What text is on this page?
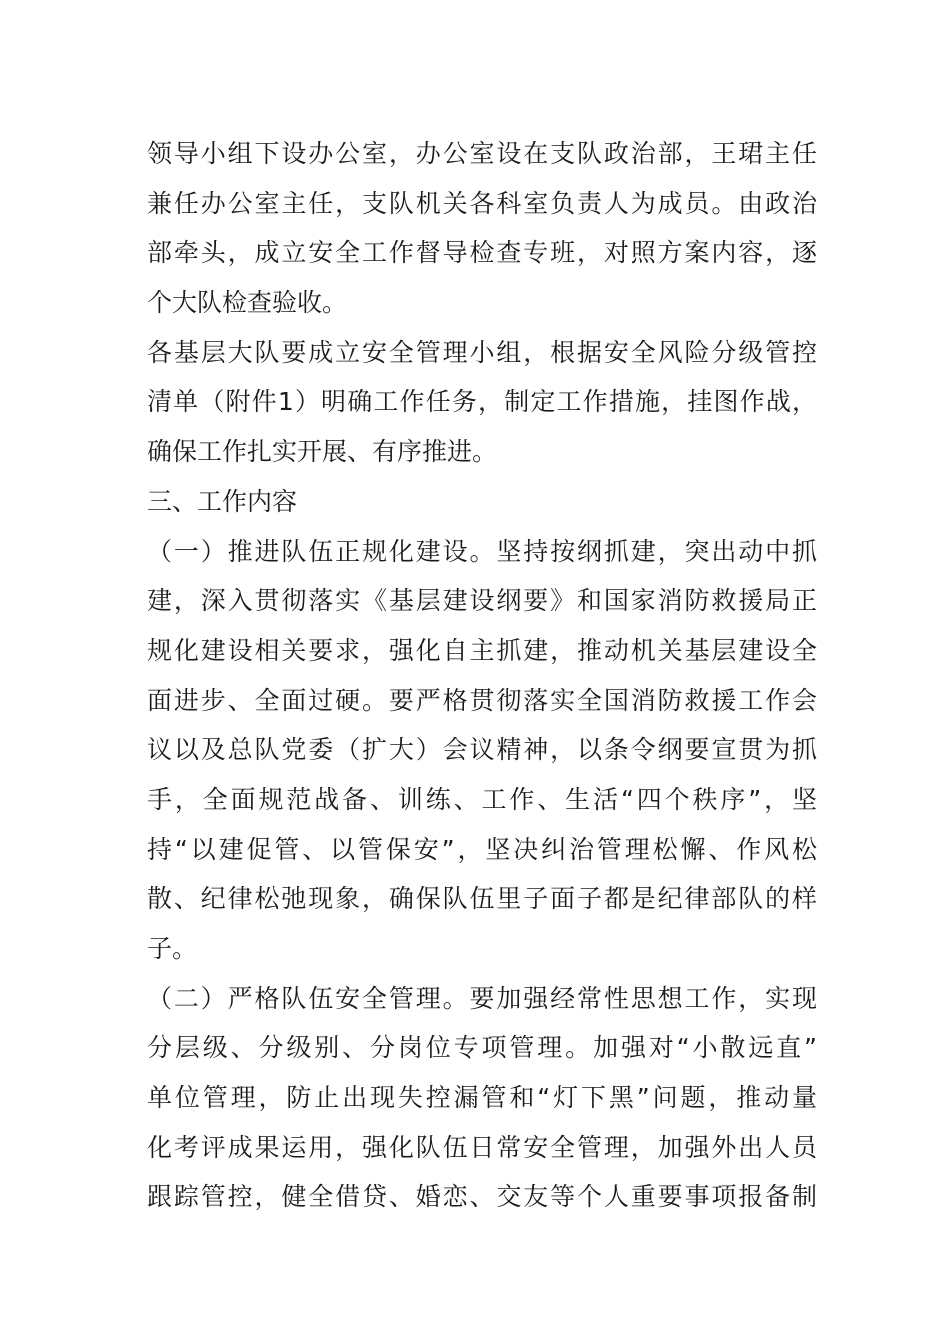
领导小组下设办公室，办公室设在支队政治部，王珺主任
兼任办公室主任，支队机关各科室负责人为成员。由政治
部牵头，成立安全工作督导检查专班，对照方案内容，逐
个大队检查验收。
各基层大队要成立安全管理小组，根据安全风险分级管控
清单（附件1）明确工作任务，制定工作措施，挂图作战，
确保工作扎实开展、有序推进。
三、工作内容
（一）推进队伍正规化建设。坚持按纲抓建，突出动中抓
建，深入贯彻落实《基层建设纲要》和国家消防救援局正
规化建设相关要求，强化自主抓建，推动机关基层建设全
面进步、全面过硬。要严格贯彻落实全国消防救援工作会
议以及总队党委（扩大）会议精神，以条令纲要宣贯为抓
手，全面规范战备、训练、工作、生活“四个秩序”，坚
持“以建促管、以管保安”，坚决纠治管理松懈、作风松
散、纪律松弛现象，确保队伍里子面子都是纪律部队的样
子。
（二）严格队伍安全管理。要加强经常性思想工作，实现
分层级、分级别、分岗位专项管理。加强对“小散远直”
单位管理，防止出现失控漏管和“灯下黑”问题，推动量
化考评成果运用，强化队伍日常安全管理，加强外出人员
跟踪管控，健全借贷、婚恋、交友等个人重要事项报备制
